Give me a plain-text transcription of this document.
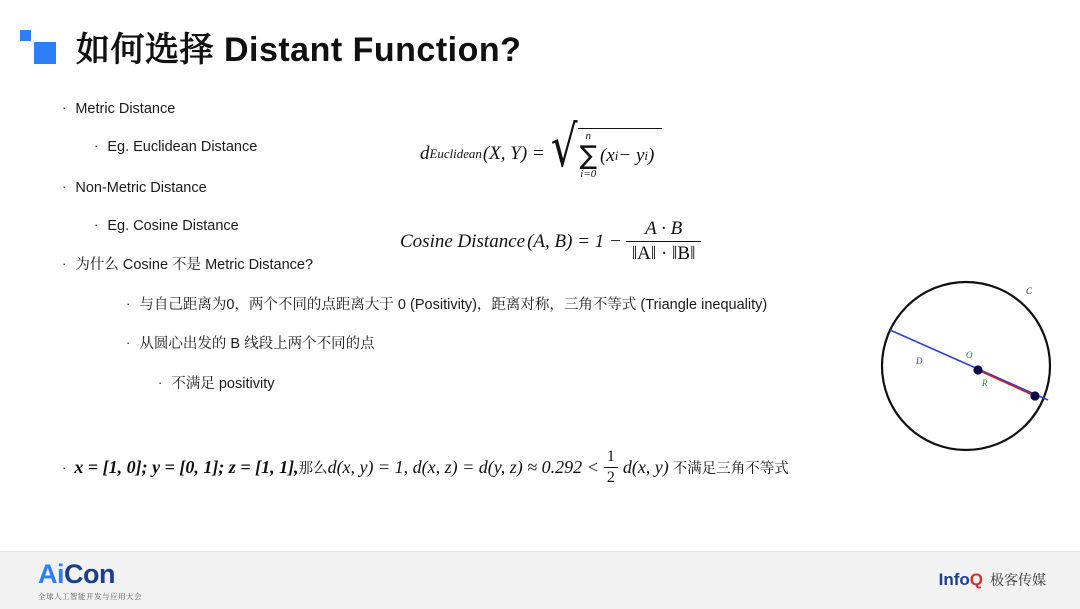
如何选择 Distant Function?
· Metric Distance
· Eg. Euclidean Distance
· Non-Metric Distance
· Eg. Cosine Distance
· 为什么 Cosine 不是 Metric Distance?
· 与自己距离为0，两个不同的点距离大于 0 (Positivity)，距离对称，三角不等式 (Triangle inequality)
· 从圆心出发的 B 线段上两个不同的点
· 不满足 positivity
d Euclidean (X, Y) = √ n
∑
i=0
(x i − y i )
Cosine Distance (A, $B) = 1 - \frac{A \cdot B}{‖A‖ \cdot ‖B‖}$
· x = [1, 0]; y = [0, 1]; z = [1, 1], 那么 d(x, y) = 1, d(x, z) = d(y, $z) \approx 0.292 < \frac{1}{2} d(x$, y) 不满足三角不等式
O
R
D
C
AiCon
全球人工智能开发与应用大会
Info Q 极客传媒
